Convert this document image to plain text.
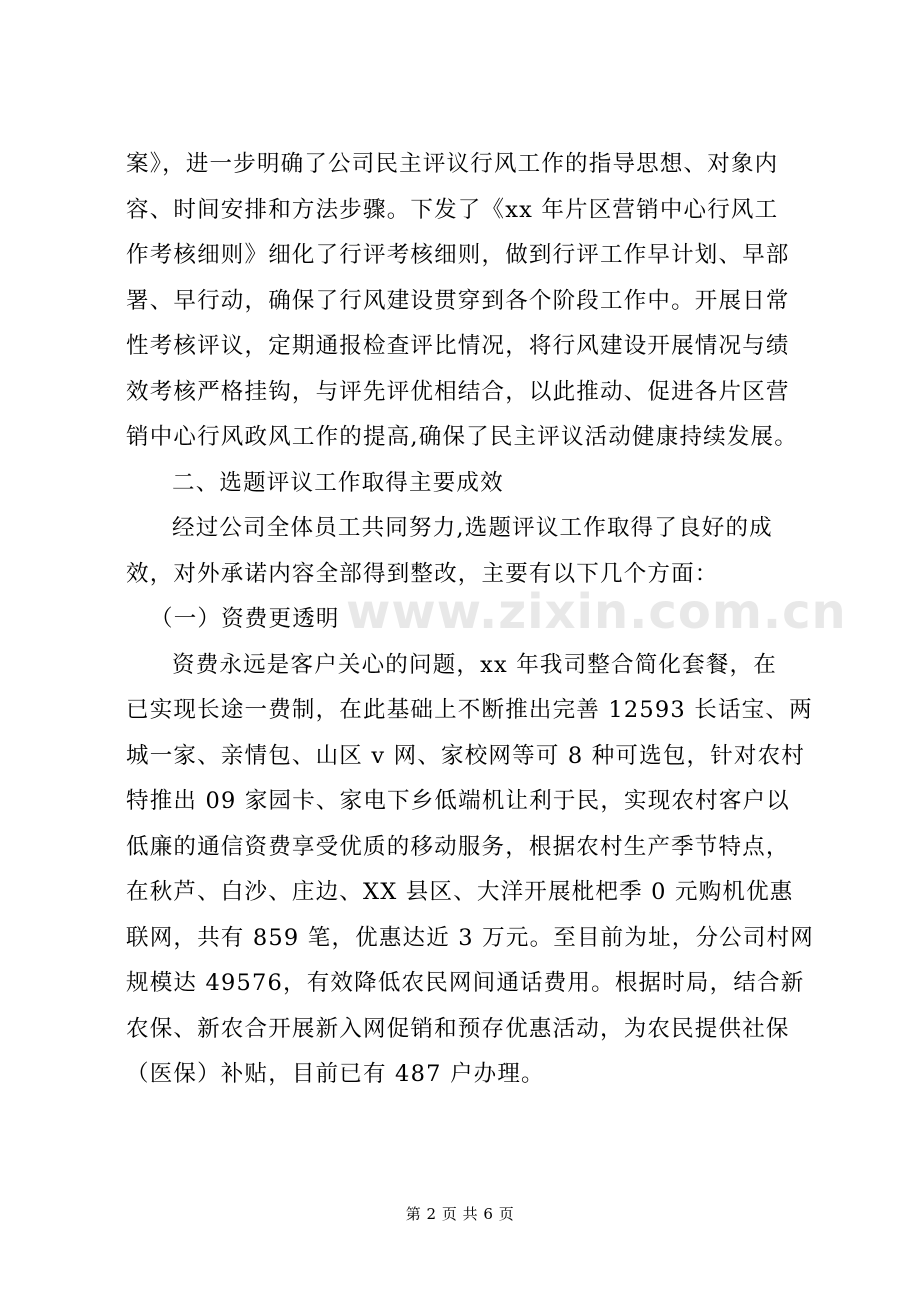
案》，进一步明确了公司民主评议行风工作的指导思想、对象内
容、时间安排和方法步骤。下发了《xx 年片区营销中心行风工
作考核细则》细化了行评考核细则，做到行评工作早计划、早部
署、早行动，确保了行风建设贯穿到各个阶段工作中。开展日常
性考核评议，定期通报检查评比情况，将行风建设开展情况与绩
效考核严格挂钩，与评先评优相结合，以此推动、促进各片区营
销中心行风政风工作的提高,确保了民主评议活动健康持续发展。

二、选题评议工作取得主要成效

经过公司全体员工共同努力,选题评议工作取得了良好的成
效，对外承诺内容全部得到整改，主要有以下几个方面：

（一）资费更透明

资费永远是客户关心的问题，xx 年我司整合简化套餐，在
已实现长途一费制，在此基础上不断推出完善 12593 长话宝、两
城一家、亲情包、山区 v 网、家校网等可 8 种可选包，针对农村
特推出 09 家园卡、家电下乡低端机让利于民，实现农村客户以
低廉的通信资费享受优质的移动服务，根据农村生产季节特点，
在秋芦、白沙、庄边、XX 县区、大洋开展枇杷季 0 元购机优惠
联网，共有 859 笔，优惠达近 3 万元。至目前为址，分公司村网
规模达 49576，有效降低农民网间通话费用。根据时局，结合新
农保、新农合开展新入网促销和预存优惠活动，为农民提供社保
（医保）补贴，目前已有 487 户办理。

www.zixin.com.cn
第 2 页 共 6 页
